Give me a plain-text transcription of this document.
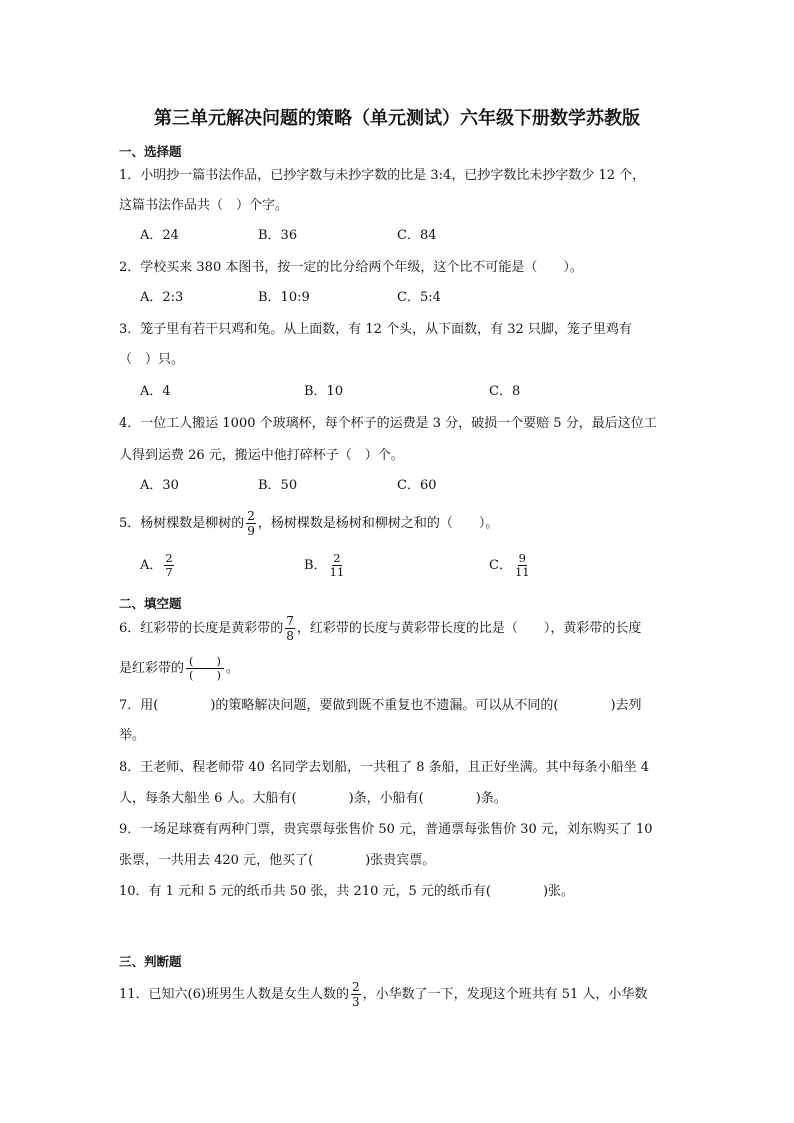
第三单元解决问题的策略（单元测试）六年级下册数学苏教版
一、选择题
1．小明抄一篇书法作品，已抄字数与未抄字数的比是 3:4，已抄字数比未抄字数少 12 个，
这篇书法作品共（　）个字。
A．24	B．36	C．84
2．学校买来 380 本图书，按一定的比分给两个年级，这个比不可能是（　　）。
A．2:3	B．10:9	C．5:4
3．笼子里有若干只鸡和兔。从上面数，有 12 个头，从下面数，有 32 只脚，笼子里鸡有
（　）只。
A．4	B．10	C．8
4．一位工人搬运 1000 个玻璃杯，每个杯子的运费是 3 分，破损一个要赔 5 分，最后这位工
人得到运费 26 元，搬运中他打碎杯子（　）个。
A．30	B．50	C．60
5．杨树棵数是柳树的 $\frac{2}{9}$ ，杨树棵数是杨树和柳树之和的（　　）。
A． $\frac{2}{7}$	B． $\frac{2}{11}$	C． $\frac{9}{11}$
二、填空题
6．红彩带的长度是黄彩带的 $\frac{7}{8}$ ，红彩带的长度与黄彩带长度的比是（　　），黄彩带的长度
是红彩带的 $\frac{( )}{( )}$ 。
7．用(　　　　)的策略解决问题，要做到既不重复也不遗漏。可以从不同的(　　　　)去列
举。
8．王老师、程老师带 40 名同学去划船，一共租了 8 条船，且正好坐满。其中每条小船坐 4
人，每条大船坐 6 人。大船有(　　　　)条，小船有(　　　　)条。
9．一场足球赛有两种门票，贵宾票每张售价 50 元，普通票每张售价 30 元，刘东购买了 10
张票，一共用去 420 元，他买了(　　　　)张贵宾票。
10．有 1 元和 5 元的纸币共 50 张，共 210 元，5 元的纸币有(　　　　)张。
三、判断题
11．已知六(6)班男生人数是女生人数的 $\frac{2}{3}$ ，小华数了一下，发现这个班共有 51 人，小华数
